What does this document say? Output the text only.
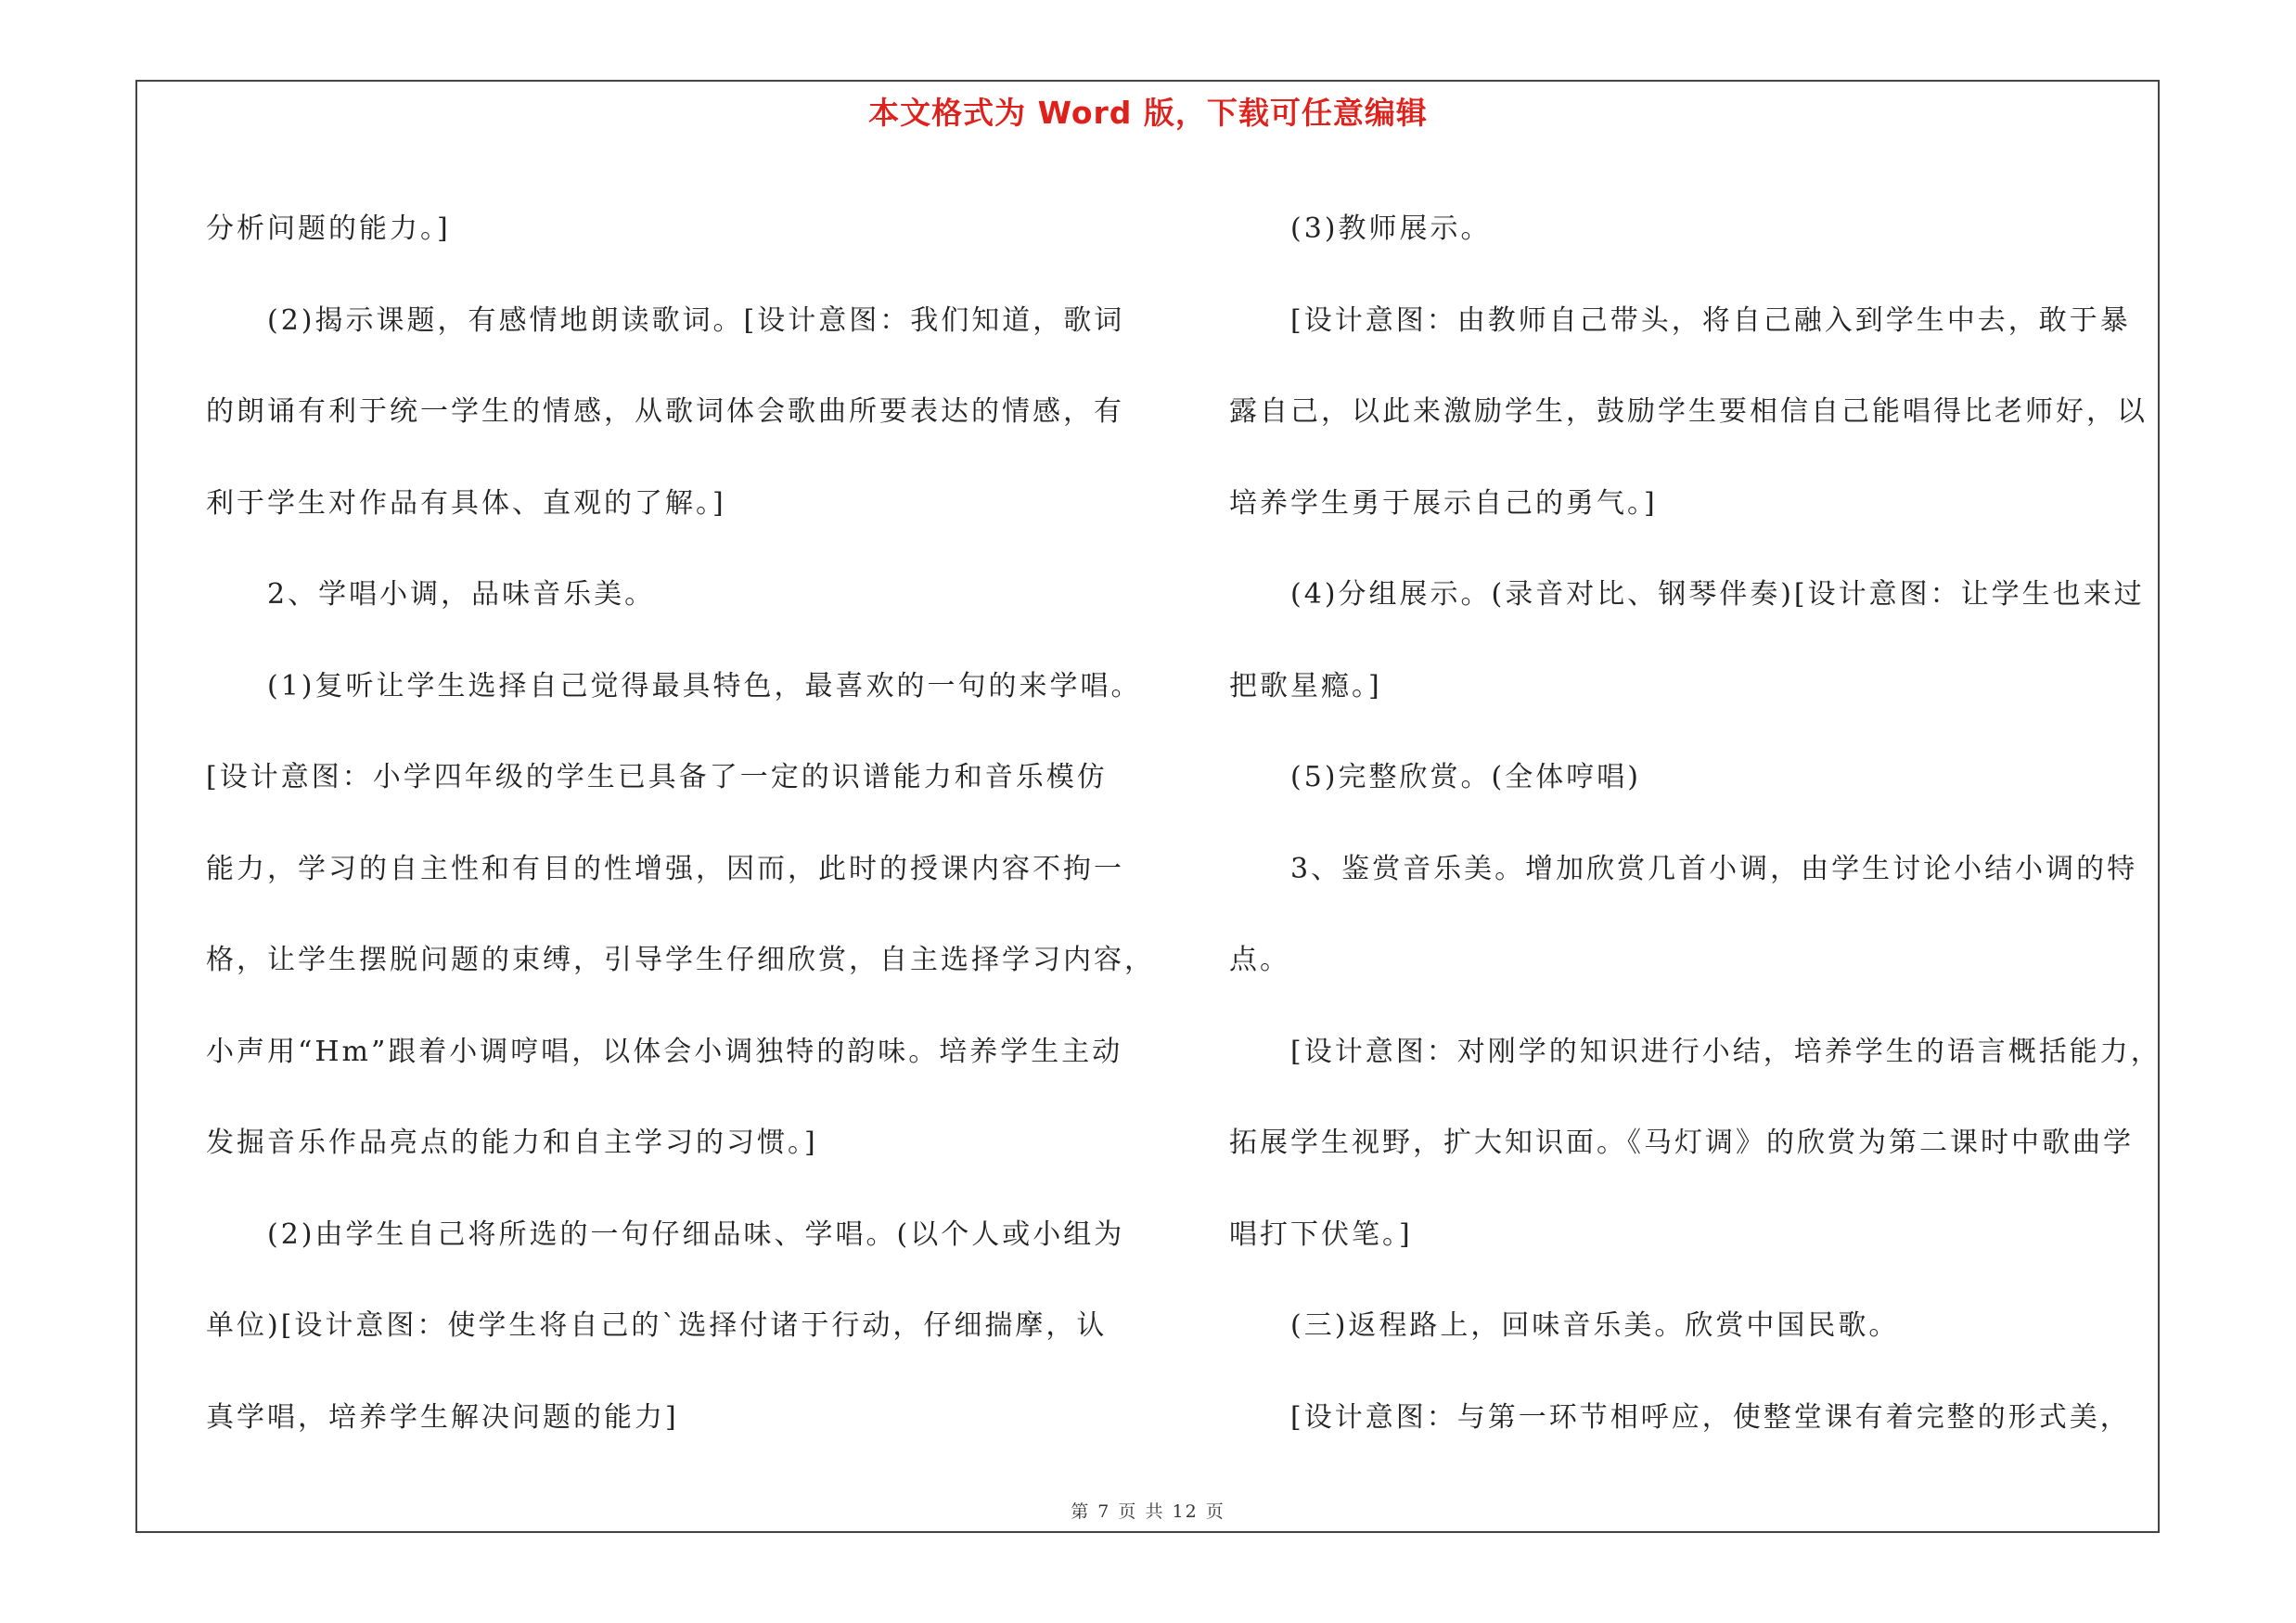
本文格式为 Word 版，下载可任意编辑

分析问题的能力。]

(2)揭示课题，有感情地朗读歌词。[设计意图：我们知道，歌词

的朗诵有利于统一学生的情感，从歌词体会歌曲所要表达的情感，有

利于学生对作品有具体、直观的了解。]

2、学唱小调，品味音乐美。

(1)复听让学生选择自己觉得最具特色，最喜欢的一句的来学唱。

[设计意图：小学四年级的学生已具备了一定的识谱能力和音乐模仿

能力，学习的自主性和有目的性增强，因而，此时的授课内容不拘一

格，让学生摆脱问题的束缚，引导学生仔细欣赏，自主选择学习内容，

小声用“Hm”跟着小调哼唱，以体会小调独特的韵味。培养学生主动

发掘音乐作品亮点的能力和自主学习的习惯。]

(2)由学生自己将所选的一句仔细品味、学唱。(以个人或小组为

单位)[设计意图：使学生将自己的`选择付诸于行动，仔细揣摩，认

真学唱，培养学生解决问题的能力]

(3)教师展示。

[设计意图：由教师自己带头，将自己融入到学生中去，敢于暴

露自己，以此来激励学生，鼓励学生要相信自己能唱得比老师好，以

培养学生勇于展示自己的勇气。]

(4)分组展示。(录音对比、钢琴伴奏)[设计意图：让学生也来过

把歌星瘾。]

(5)完整欣赏。(全体哼唱)

3、鉴赏音乐美。增加欣赏几首小调，由学生讨论小结小调的特

点。

[设计意图：对刚学的知识进行小结，培养学生的语言概括能力，

拓展学生视野，扩大知识面。《马灯调》的欣赏为第二课时中歌曲学

唱打下伏笔。]

(三)返程路上，回味音乐美。欣赏中国民歌。

[设计意图：与第一环节相呼应，使整堂课有着完整的形式美，

第 7 页 共 12 页
